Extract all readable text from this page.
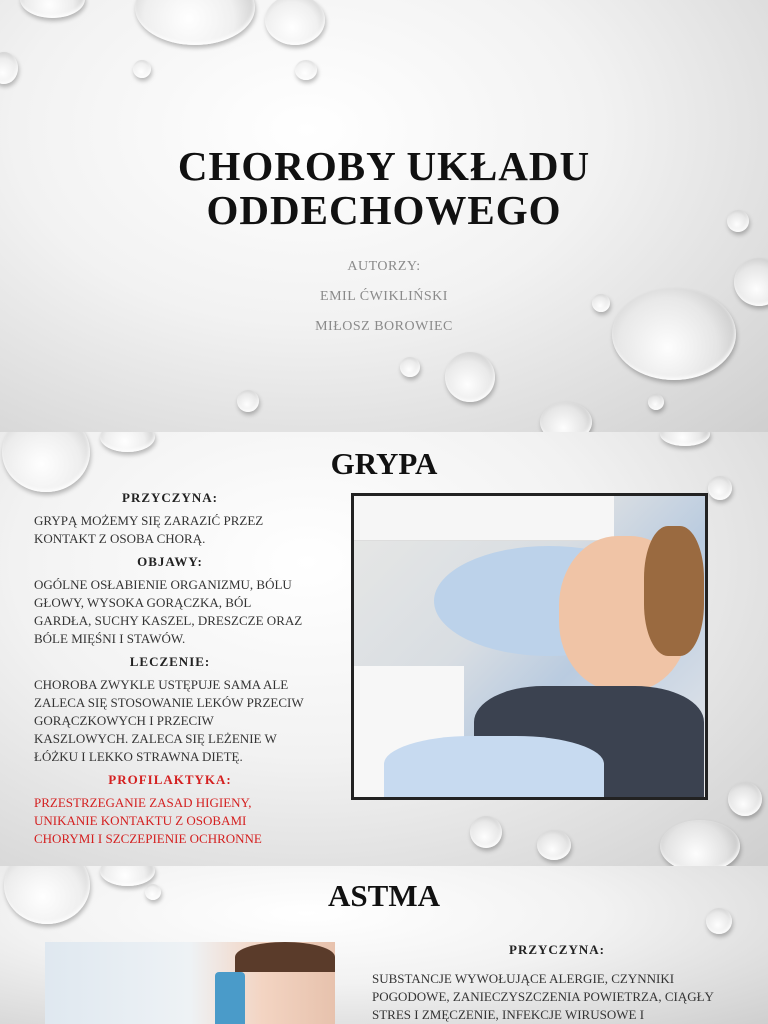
CHOROBY UKŁADU
ODDECHOWEGO
AUTORZY:
EMIL ĆWIKLIŃSKI
MIŁOSZ BOROWIEC
GRYPA
PRZYCZYNA:
GRYPĄ MOŻEMY SIĘ ZARAZIĆ PRZEZ KONTAKT Z OSOBA CHORĄ.
OBJAWY:
OGÓLNE OSŁABIENIE ORGANIZMU, BÓLU GŁOWY, WYSOKA GORĄCZKA, BÓL GARDŁA, SUCHY KASZEL, DRESZCZE ORAZ BÓLE MIĘŚNI I STAWÓW.
LECZENIE:
CHOROBA ZWYKLE USTĘPUJE SAMA ALE ZALECA SIĘ STOSOWANIE LEKÓW PRZECIW GORĄCZKOWYCH I PRZECIW KASZLOWYCH. ZALECA SIĘ LEŻENIE W ŁÓŻKU I LEKKO STRAWNA DIETĘ.
PROFILAKTYKA:
PRZESTRZEGANIE ZASAD HIGIENY, UNIKANIE KONTAKTU Z OSOBAMI CHORYMI I SZCZEPIENIE OCHRONNE
ASTMA
PRZYCZYNA:
SUBSTANCJE WYWOŁUJĄCE ALERGIE, CZYNNIKI POGODOWE, ZANIECZYSZCZENIA POWIETRZA, CIĄGŁY STRES I ZMĘCZENIE, INFEKCJE WIRUSOWE I
